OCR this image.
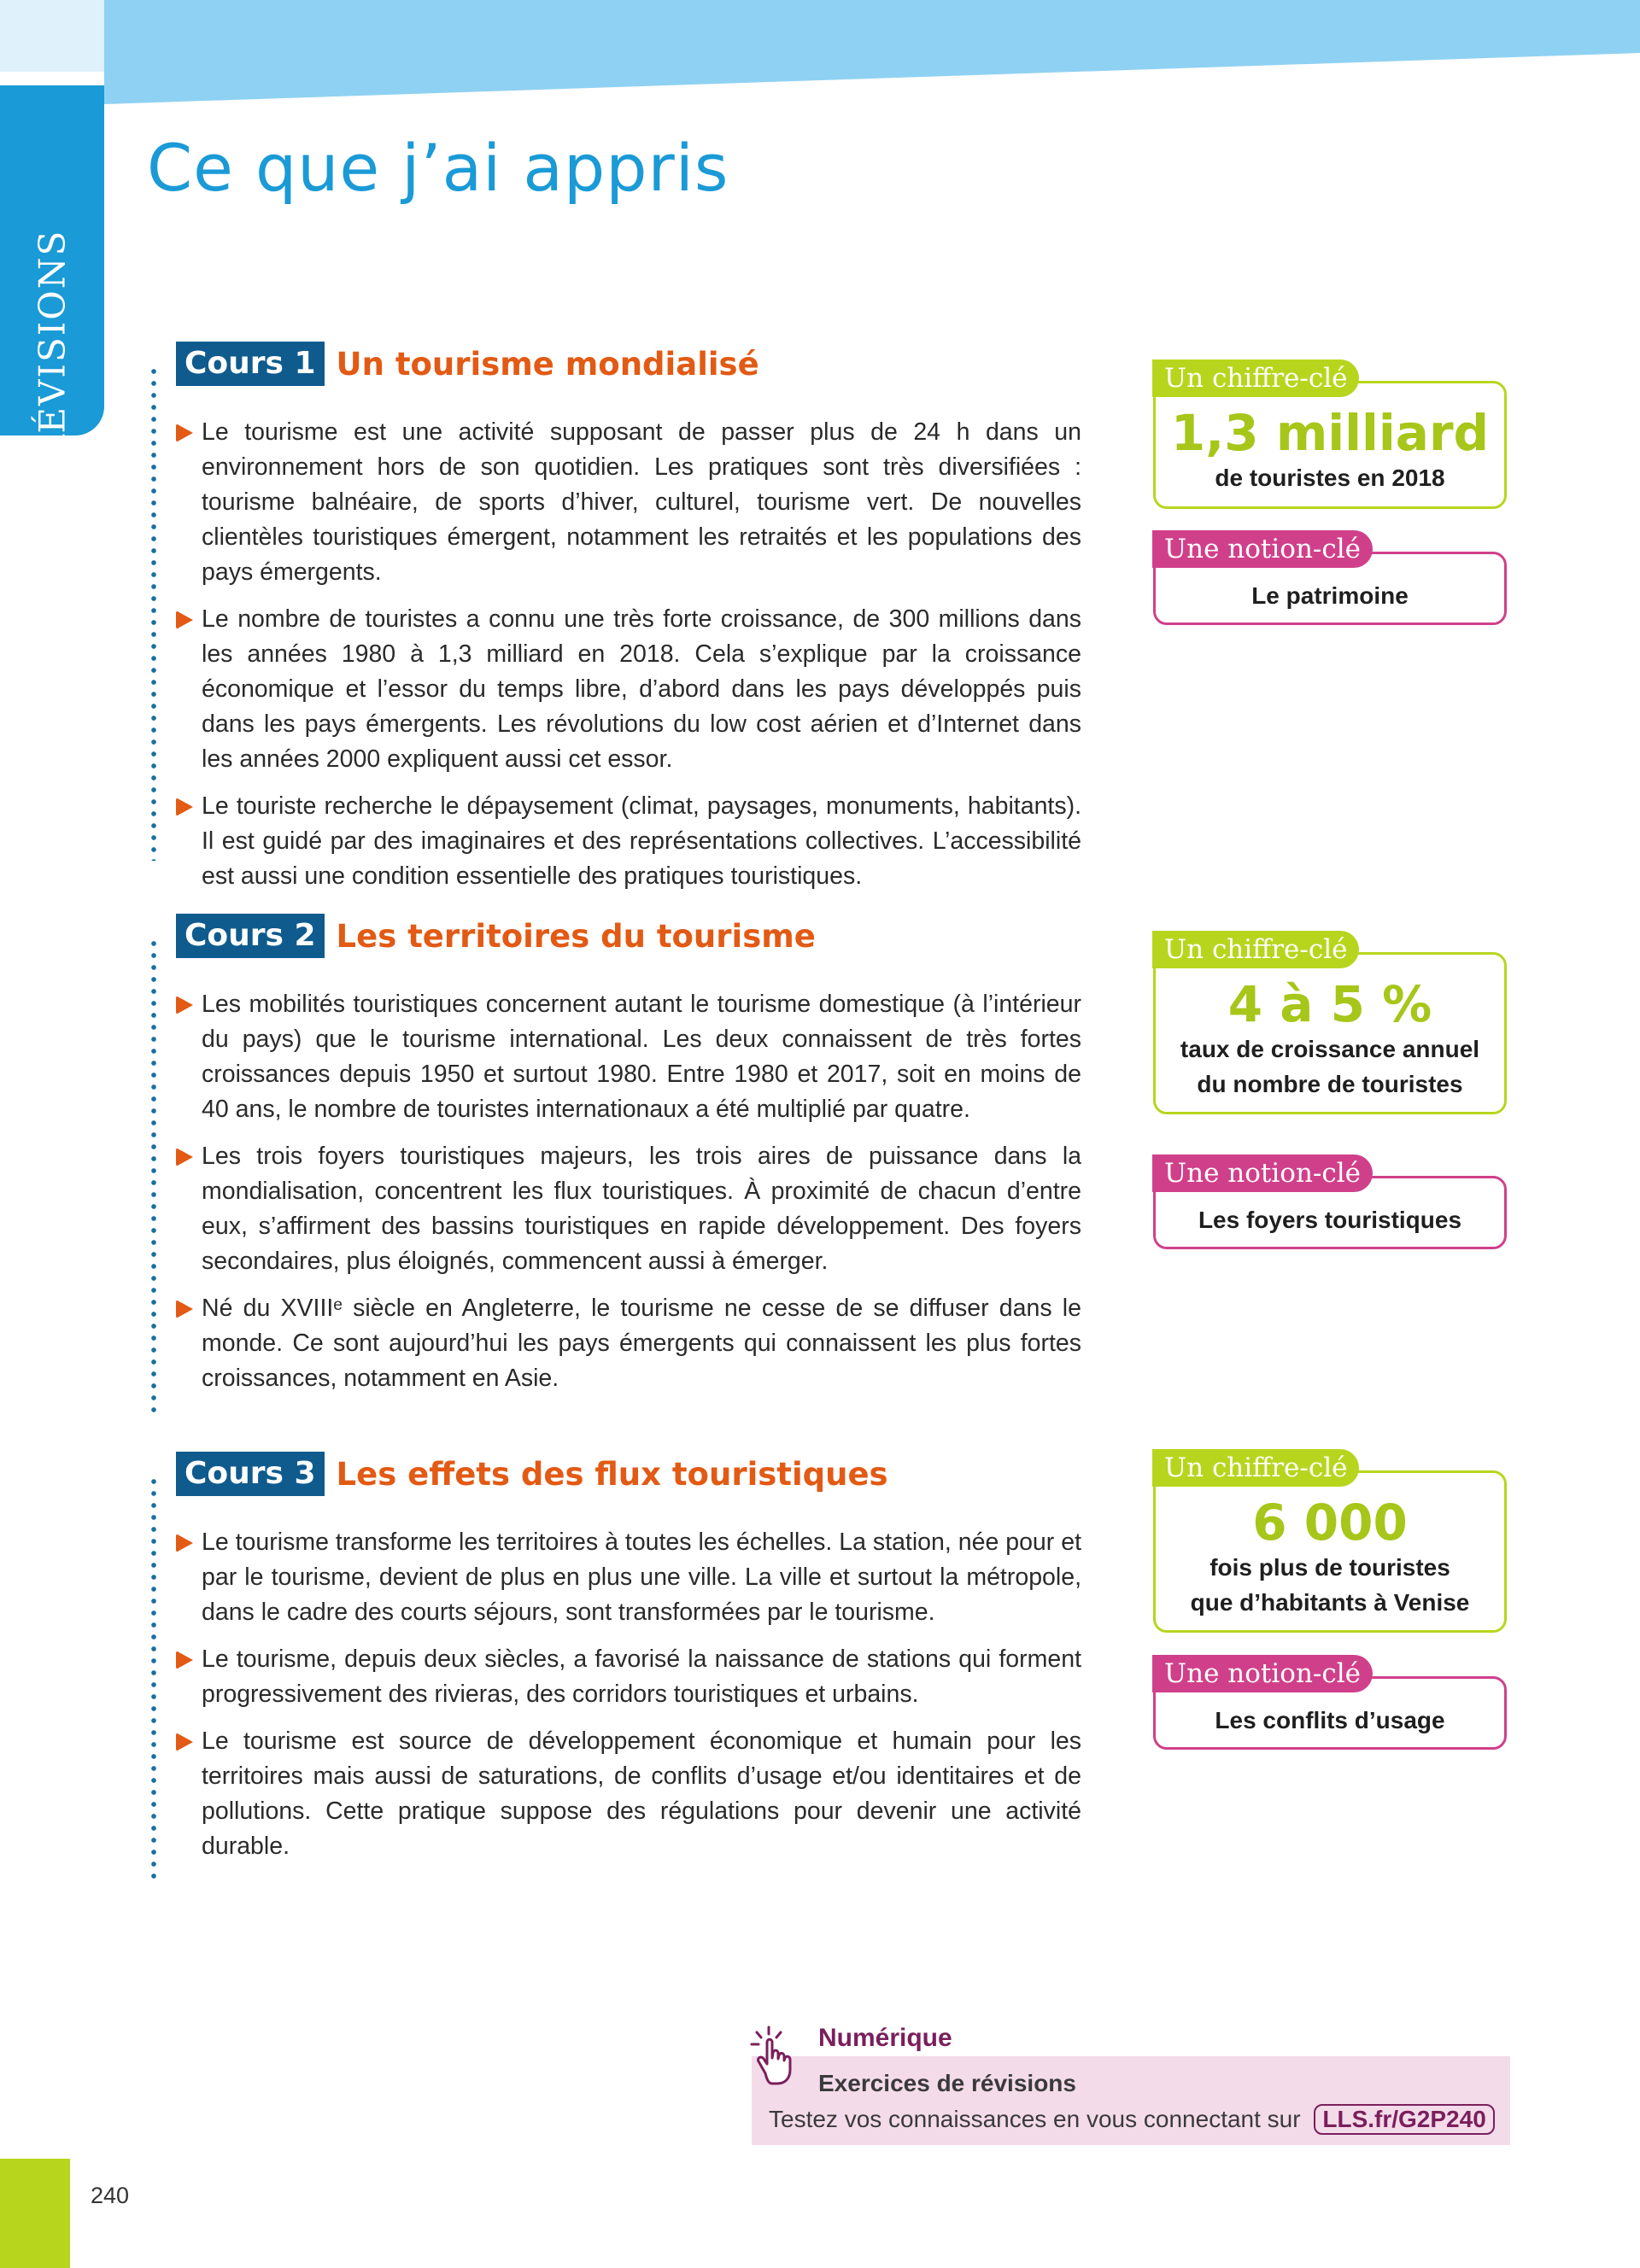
RÉVISIONS
Ce que j’ai appris
Cours 1 Un tourisme mondialisé
Le tourisme est une activité supposant de passer plus de 24 h dans un environnement hors de son quotidien. Les pratiques sont très diversifiées : tourisme balnéaire, de sports d’hiver, culturel, tourisme vert. De nouvelles clientèles touristiques émergent, notamment les retraités et les populations des pays émergents.
Le nombre de touristes a connu une très forte croissance, de 300 millions dans les années 1980 à 1,3 milliard en 2018. Cela s’explique par la croissance économique et l’essor du temps libre, d’abord dans les pays développés puis dans les pays émergents. Les révolutions du low cost aérien et d’Internet dans les années 2000 expliquent aussi cet essor.
Le touriste recherche le dépaysement (climat, paysages, monuments, habitants). Il est guidé par des imaginaires et des représentations collectives. L’accessibilité est aussi une condition essentielle des pratiques touristiques.
Un chiffre-clé
1,3 milliard
de touristes en 2018
Une notion-clé
Le patrimoine
Cours 2 Les territoires du tourisme
Les mobilités touristiques concernent autant le tourisme domestique (à l’intérieur du pays) que le tourisme international. Les deux connaissent de très fortes croissances depuis 1950 et surtout 1980. Entre 1980 et 2017, soit en moins de 40 ans, le nombre de touristes internationaux a été multiplié par quatre.
Les trois foyers touristiques majeurs, les trois aires de puissance dans la mondialisation, concentrent les flux touristiques. À proximité de chacun d’entre eux, s’affirment des bassins touristiques en rapide développement. Des foyers secondaires, plus éloignés, commencent aussi à émerger.
Né du XVIIIᵉ siècle en Angleterre, le tourisme ne cesse de se diffuser dans le monde. Ce sont aujourd’hui les pays émergents qui connaissent les plus fortes croissances, notamment en Asie.
Un chiffre-clé
4 à 5 %
taux de croissance annuel
du nombre de touristes
Une notion-clé
Les foyers touristiques
Cours 3 Les effets des flux touristiques
Le tourisme transforme les territoires à toutes les échelles. La station, née pour et par le tourisme, devient de plus en plus une ville. La ville et surtout la métropole, dans le cadre des courts séjours, sont transformées par le tourisme.
Le tourisme, depuis deux siècles, a favorisé la naissance de stations qui forment progressivement des rivieras, des corridors touristiques et urbains.
Le tourisme est source de développement économique et humain pour les territoires mais aussi de saturations, de conflits d’usage et/ou identitaires et de pollutions. Cette pratique suppose des régulations pour devenir une activité durable.
Un chiffre-clé
6 000
fois plus de touristes
que d’habitants à Venise
Une notion-clé
Les conflits d’usage
Numérique
Exercices de révisions
Testez vos connaissances en vous connectant sur LLS.fr/G2P240
240
